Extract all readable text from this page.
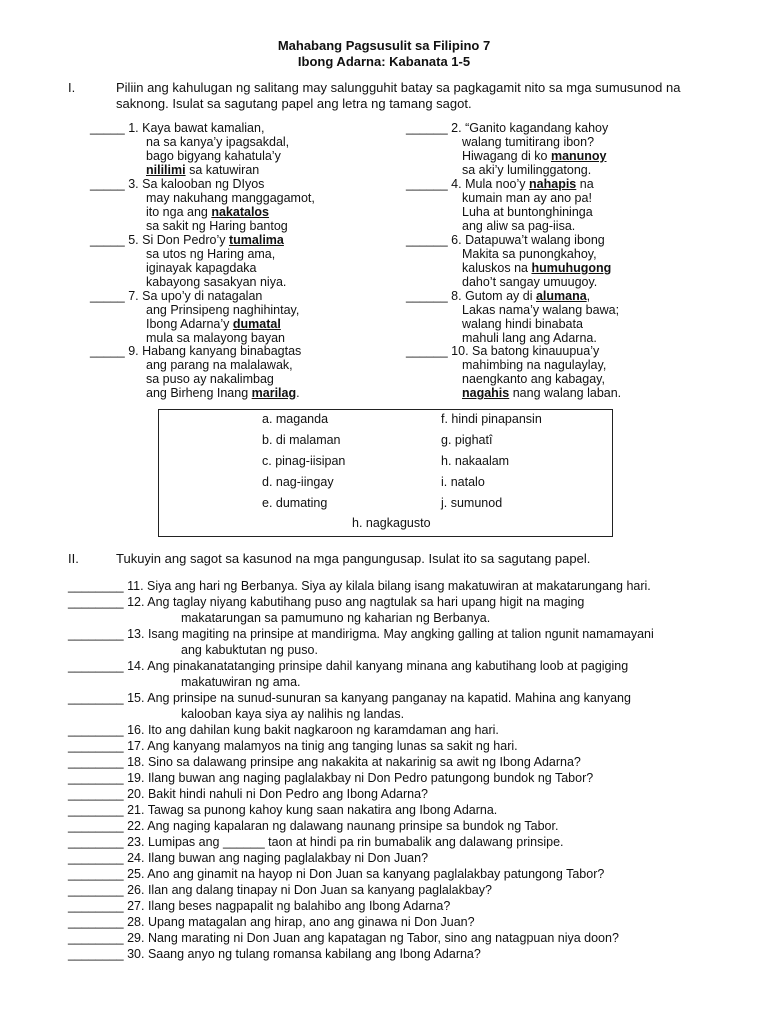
Mahabang Pagsusulit sa Filipino 7
Ibong Adarna: Kabanata 1-5
I.	Piliin ang kahulugan ng salitang may salungguhit batay sa pagkagamit nito sa mga sumusunod na saknong. Isulat sa sagutang papel ang letra ng tamang sagot.
_____ 1. Kaya bawat kamalian,
na sa kanya’y ipagsakdal,
bago bigyang kahatula’y
nililimi sa katuwiran
______ 2. “Ganito kagandang kahoy
walang tumitirang ibon?
Hiwagang di ko manunoy
sa aki’y lumilinggatong.
_____ 3. Sa kalooban ng DIyos
may nakuhang manggagamot,
ito nga ang nakatalos
sa sakit ng Haring bantog
______ 4. Mula noo’y nahapis na
kumain man ay ano pa!
Luha at buntonghininga
ang aliw sa pag-iisa.
_____ 5. Si Don Pedro’y tumalima
sa utos ng Haring ama,
iginayak kapagdaka
kabayong sasakyan niya.
______ 6. Datapuwa’t walang ibong
Makita sa punongkahoy,
kaluskos na humuhugong
daho’t sangay umuugoy.
_____ 7. Sa upo’y di natagalan
ang Prinsipeng naghihintay,
Ibong Adarna’y dumatal
mula sa malayong bayan
______ 8. Gutom ay di alumana,
Lakas nama’y walang bawa;
walang hindi binabata
mahuli lang ang Adarna.
_____ 9. Habang kanyang binabagtas
ang parang na malalawak,
sa puso ay nakalimbag
ang Birheng Inang marilag.
______ 10. Sa batong kinauupua’y
mahimbing na nagulaylay,
naengkanto ang kabagay,
nagahis nang walang laban.
a. maganda
b. di malaman
c. pinag-iisipan
d. nag-iingay
e. dumating
f. hindi pinapansin
g. pighatî
h. nakaalam
i. natalo
j. sumunod
h. nagkagusto
II.	Tukuyin ang sagot sa kasunod na mga pangungusap. Isulat ito sa sagutang papel.
________ 11. Siya ang hari ng Berbanya. Siya ay kilala bilang isang makatuwiran at makatarungang hari.
________ 12. Ang taglay niyang kabutihang puso ang nagtulak sa hari upang higit na maging
makatarungan sa pamumuno ng kaharian ng Berbanya.
________ 13. Isang magiting na prinsipe at mandirigma. May angking galling at talion ngunit namamayani
ang kabuktutan ng puso.
________ 14. Ang pinakanatatanging prinsipe dahil kanyang minana ang kabutihang loob at pagiging
makatuwiran ng ama.
________ 15. Ang prinsipe na sunud-sunuran sa kanyang panganay na kapatid. Mahina ang kanyang
kalooban kaya siya ay nalihis ng landas.
________ 16. Ito ang dahilan kung bakit nagkaroon ng karamdaman ang hari.
________ 17. Ang kanyang malamyos na tinig ang tanging lunas sa sakit ng hari.
________ 18. Sino sa dalawang prinsipe ang nakakita at nakarinig sa awit ng Ibong Adarna?
________ 19. Ilang buwan ang naging paglalakbay ni Don Pedro patungong bundok ng Tabor?
________ 20. Bakit hindi nahuli ni Don Pedro ang Ibong Adarna?
________ 21. Tawag sa punong kahoy kung saan nakatira ang Ibong Adarna.
________ 22. Ang naging kapalaran ng dalawang naunang prinsipe sa bundok ng Tabor.
________ 23. Lumipas ang ______ taon at hindi pa rin bumabalik ang dalawang prinsipe.
________ 24. Ilang buwan ang naging paglalakbay ni Don Juan?
________ 25. Ano ang ginamit na hayop ni Don Juan sa kanyang paglalakbay patungong Tabor?
________ 26. Ilan ang dalang tinapay ni Don Juan sa kanyang paglalakbay?
________ 27. Ilang beses nagpapalit ng balahibo ang Ibong Adarna?
________ 28. Upang matagalan ang hirap, ano ang ginawa ni Don Juan?
________ 29. Nang marating ni Don Juan ang kapatagan ng Tabor, sino ang natagpuan niya doon?
________ 30. Saang anyo ng tulang romansa kabilang ang Ibong Adarna?
